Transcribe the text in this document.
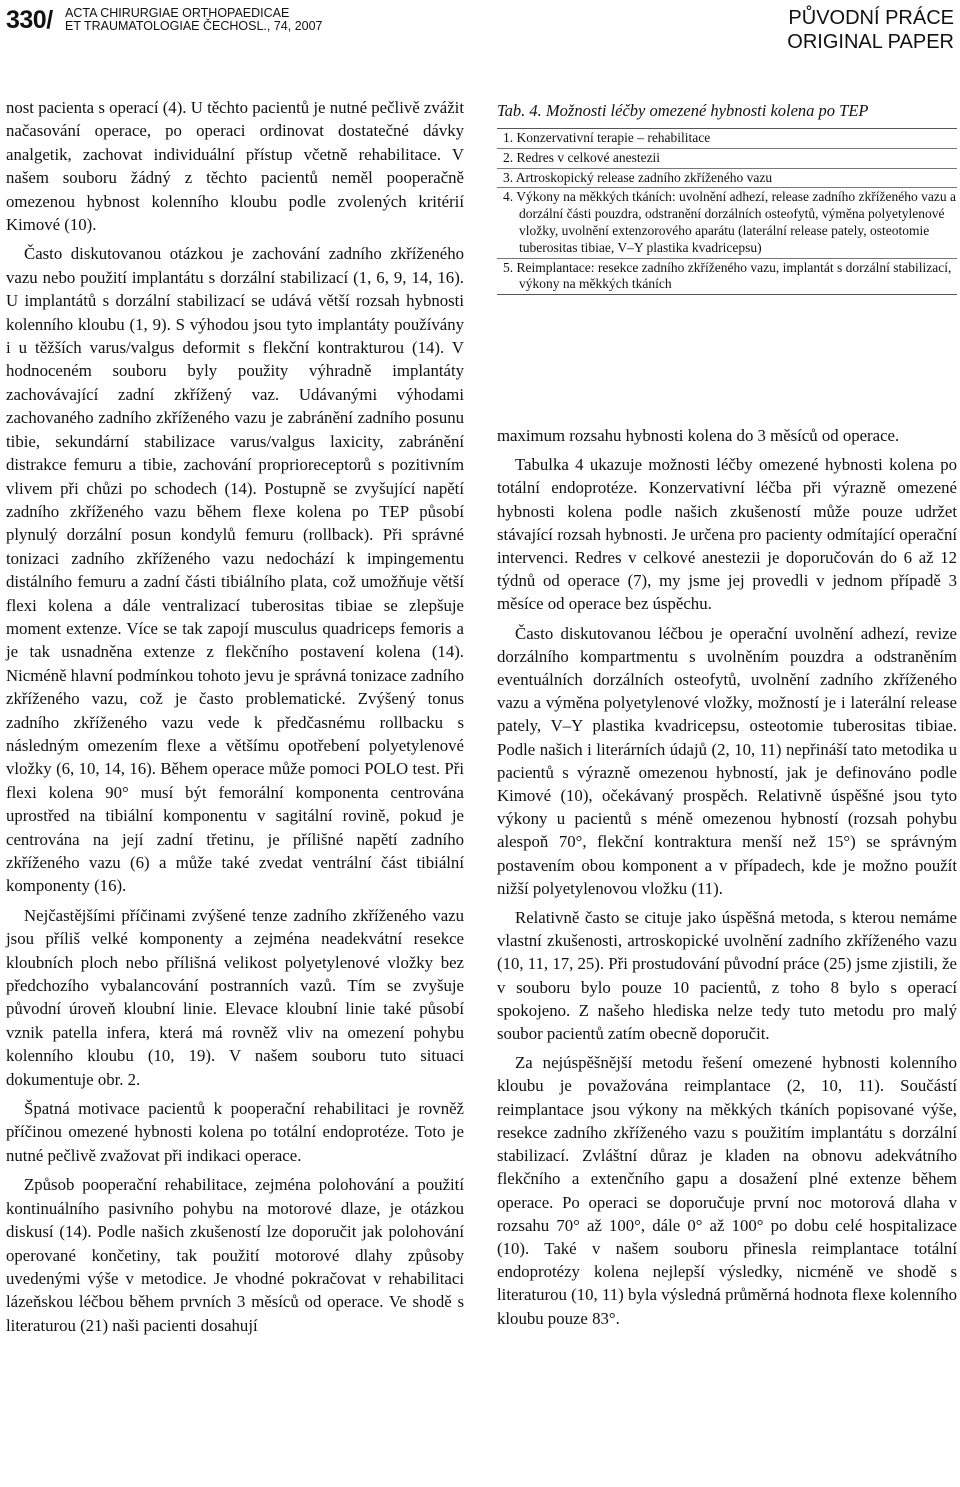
330/ ACTA CHIRURGIAE ORTHOPAEDICAE
ET TRAUMATOLOGIAE ČECHOSL., 74, 2007	PŮVODNÍ PRÁCE
ORIGINAL PAPER

nost pacienta s operací (4). U těchto pacientů je nutné pečlivě zvážit načasování operace, po operaci ordinovat dostatečné dávky analgetik, zachovat individuální přístup včetně rehabilitace. V našem souboru žádný z těchto pacientů neměl pooperačně omezenou hybnost kolenního kloubu podle zvolených kritérií Kimové (10).

Často diskutovanou otázkou je zachování zadního zkříženého vazu nebo použití implantátu s dorzální stabilizací (1, 6, 9, 14, 16). U implantátů s dorzální stabilizací se udává větší rozsah hybnosti kolenního kloubu (1, 9). S výhodou jsou tyto implantáty používány i u těžších varus/valgus deformit s flekční kontrakturou (14). V hodnoceném souboru byly použity výhradně implantáty zachovávající zadní zkřížený vaz. Udávanými výhodami zachovaného zadního zkříženého vazu je zabránění zadního posunu tibie, sekundární stabilizace varus/valgus laxicity, zabránění distrakce femuru a tibie, zachování proprioreceptorů s pozitivním vlivem při chůzi po schodech (14). Postupně se zvyšující napětí zadního zkříženého vazu během flexe kolena po TEP působí plynulý dorzální posun kondylů femuru (rollback). Při správné tonizaci zadního zkříženého vazu nedochází k impingementu distálního femuru a zadní části tibiálního plata, což umožňuje větší flexi kolena a dále ventralizací tuberositas tibiae se zlepšuje moment extenze. Více se tak zapojí musculus quadriceps femoris a je tak usnadněna extenze z flekčního postavení kolena (14). Nicméně hlavní podmínkou tohoto jevu je správná tonizace zadního zkříženého vazu, což je často problematické. Zvýšený tonus zadního zkříženého vazu vede k předčasnému rollbacku s následným omezením flexe a většímu opotřebení polyetylenové vložky (6, 10, 14, 16). Během operace může pomoci POLO test. Při flexi kolena 90° musí být femorální komponenta centrována uprostřed na tibiální komponentu v sagitální rovině, pokud je centrována na její zadní třetinu, je přílišné napětí zadního zkříženého vazu (6) a může také zvedat ventrální část tibiální komponenty (16).

Nejčastějšími příčinami zvýšené tenze zadního zkříženého vazu jsou příliš velké komponenty a zejména neadekvátní resekce kloubních ploch nebo přílišná velikost polyetylenové vložky bez předchozího vybalancování postranních vazů. Tím se zvyšuje původní úroveň kloubní linie. Elevace kloubní linie také působí vznik patella infera, která má rovněž vliv na omezení pohybu kolenního kloubu (10, 19). V našem souboru tuto situaci dokumentuje obr. 2.

Špatná motivace pacientů k pooperační rehabilitaci je rovněž příčinou omezené hybnosti kolena po totální endoprotéze. Toto je nutné pečlivě zvažovat při indikaci operace.

Způsob pooperační rehabilitace, zejména polohování a použití kontinuálního pasivního pohybu na motorové dlaze, je otázkou diskusí (14). Podle našich zkušeností lze doporučit jak polohování operované končetiny, tak použití motorové dlahy způsoby uvedenými výše v metodice. Je vhodné pokračovat v rehabilitaci lázeňskou léčbou během prvních 3 měsíců od operace. Ve shodě s literaturou (21) naši pacienti dosahují

Tab. 4. Možnosti léčby omezené hybnosti kolena po TEP
1. Konzervativní terapie – rehabilitace
2. Redres v celkové anestezii
3. Artroskopický release zadního zkříženého vazu
4. Výkony na měkkých tkáních: uvolnění adhezí, release zadního zkříženého vazu a dorzální části pouzdra, odstranění dorzálních osteofytů, výměna polyetylenové vložky, uvolnění extenzorového aparátu (laterální release pately, osteotomie tuberositas tibiae, V–Y plastika kvadricepsu)
5. Reimplantace: resekce zadního zkříženého vazu, implantát s dorzální stabilizací, výkony na měkkých tkáních

maximum rozsahu hybnosti kolena do 3 měsíců od operace.

Tabulka 4 ukazuje možnosti léčby omezené hybnosti kolena po totální endoprotéze. Konzervativní léčba při výrazně omezené hybnosti kolena podle našich zkušeností může pouze udržet stávající rozsah hybnosti. Je určena pro pacienty odmítající operační intervenci. Redres v celkové anestezii je doporučován do 6 až 12 týdnů od operace (7), my jsme jej provedli v jednom případě 3 měsíce od operace bez úspěchu.

Často diskutovanou léčbou je operační uvolnění adhezí, revize dorzálního kompartmentu s uvolněním pouzdra a odstraněním eventuálních dorzálních osteofytů, uvolnění zadního zkříženého vazu a výměna polyetylenové vložky, možností je i laterální release pately, V–Y plastika kvadricepsu, osteotomie tuberositas tibiae. Podle našich i literárních údajů (2, 10, 11) nepřináší tato metodika u pacientů s výrazně omezenou hybností, jak je definováno podle Kimové (10), očekávaný prospěch. Relativně úspěšné jsou tyto výkony u pacientů s méně omezenou hybností (rozsah pohybu alespoň 70°, flekční kontraktura menší než 15°) se správným postavením obou komponent a v případech, kde je možno použít nižší polyetylenovou vložku (11).

Relativně často se cituje jako úspěšná metoda, s kterou nemáme vlastní zkušenosti, artroskopické uvolnění zadního zkříženého vazu (10, 11, 17, 25). Při prostudování původní práce (25) jsme zjistili, že v souboru bylo pouze 10 pacientů, z toho 8 bylo s operací spokojeno. Z našeho hlediska nelze tedy tuto metodu pro malý soubor pacientů zatím obecně doporučit.

Za nejúspěšnější metodu řešení omezené hybnosti kolenního kloubu je považována reimplantace (2, 10, 11). Součástí reimplantace jsou výkony na měkkých tkáních popisované výše, resekce zadního zkříženého vazu s použitím implantátu s dorzální stabilizací. Zvláštní důraz je kladen na obnovu adekvátního flekčního a extenčního gapu a dosažení plné extenze během operace. Po operaci se doporučuje první noc motorová dlaha v rozsahu 70° až 100°, dále 0° až 100° po dobu celé hospitalizace (10). Také v našem souboru přinesla reimplantace totální endoprotézy kolena nejlepší výsledky, nicméně ve shodě s literaturou (10, 11) byla výsledná průměrná hodnota flexe kolenního kloubu pouze 83°.
